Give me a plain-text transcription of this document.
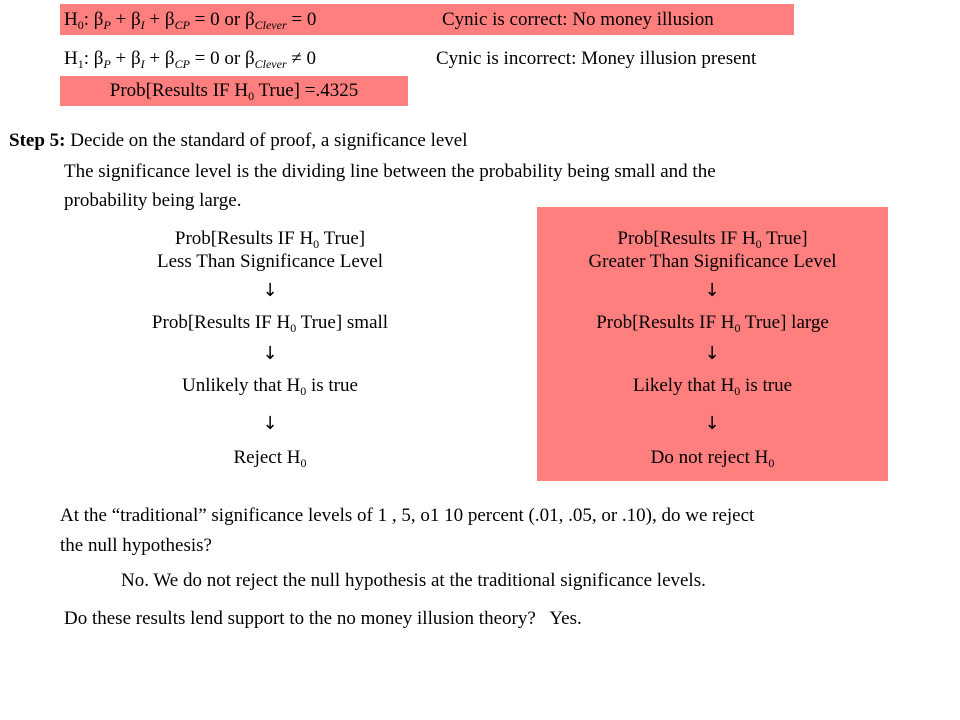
$H_0$: $\beta_P + \beta_I + \beta_{CP} = 0$ or $\beta_{Clever} = 0$	Cynic is correct: No money illusion
$H_1$: $\beta_P + \beta_I + \beta_{CP} = 0$ or $\beta_{Clever} \ne 0$	Cynic is incorrect: Money illusion present
Prob[Results IF $H_0$ True] =.4325
Step 5: Decide on the standard of proof, a significance level
The significance level is the dividing line between the probability being small and the
probability being large.
Prob[Results IF $H_0$ True]
Less Than Significance Level
↓
Prob[Results IF $H_0$ True] small
↓
Unlikely that $H_0$ is true
↓
Reject $H_0$
Prob[Results IF $H_0$ True]
Greater Than Significance Level
↓
Prob[Results IF $H_0$ True] large
↓
Likely that $H_0$ is true
↓
Do not reject $H_0$
At the “traditional” significance levels of 1 , 5, o1 10 percent (.01, .05, or .10), do we reject
the null hypothesis?
No. We do not reject the null hypothesis at the traditional significance levels.
Do these results lend support to the no money illusion theory? Yes.
